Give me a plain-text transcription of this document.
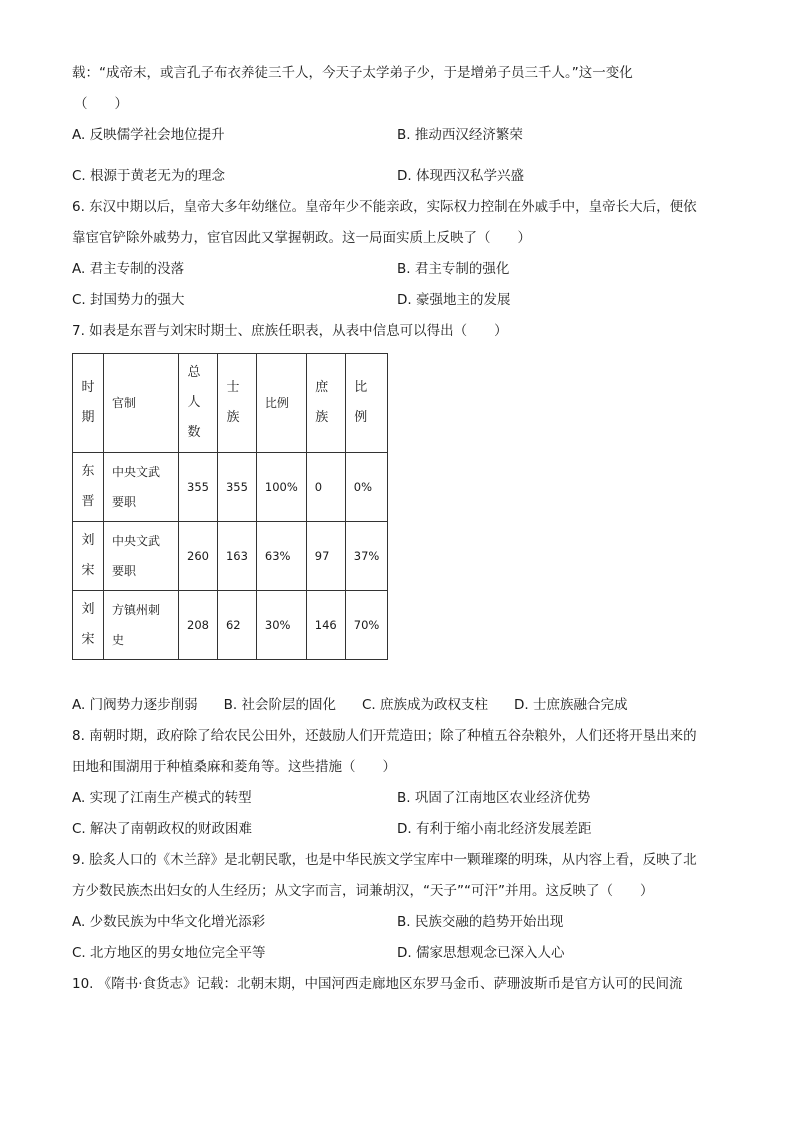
载：“成帝末，或言孔子布衣养徒三千人，今天子太学弟子少，于是增弟子员三千人。”这一变化
（　　）
A. 反映儒学社会地位提升	B. 推动西汉经济繁荣
C. 根源于黄老无为的理念	D. 体现西汉私学兴盛
6. 东汉中期以后，皇帝大多年幼继位。皇帝年少不能亲政，实际权力控制在外戚手中，皇帝长大后，便依
靠宦官铲除外戚势力，宦官因此又掌握朝政。这一局面实质上反映了（　　）
A. 君主专制的没落	B. 君主专制的强化
C. 封国势力的强大	D. 豪强地主的发展
7. 如表是东晋与刘宋时期士、庶族任职表，从表中信息可以得出（　　）
时期	官制	总人数	士族	比例	庶族	比例

东晋	中央文武
要职	355	355	100%	0	0%

刘宋	中央文武
要职	260	163	63%	97	37%

刘宋	方镇州刺
史	208	62	30%	146	70%
A. 门阀势力逐步削弱 B. 社会阶层的固化 C. 庶族成为政权支柱 D. 士庶族融合完成
8. 南朝时期，政府除了给农民公田外，还鼓励人们开荒造田；除了种植五谷杂粮外，人们还将开垦出来的
田地和围湖用于种植桑麻和菱角等。这些措施（　　）
A. 实现了江南生产模式的转型	B. 巩固了江南地区农业经济优势
C. 解决了南朝政权的财政困难	D. 有利于缩小南北经济发展差距
9. 脍炙人口的《木兰辞》是北朝民歌，也是中华民族文学宝库中一颗璀璨的明珠，从内容上看，反映了北
方少数民族杰出妇女的人生经历；从文字而言，词兼胡汉，“天子”“可汗”并用。这反映了（　　）
A. 少数民族为中华文化增光添彩	B. 民族交融的趋势开始出现
C. 北方地区的男女地位完全平等	D. 儒家思想观念已深入人心
10. 《隋书·食货志》记载：北朝末期，中国河西走廊地区东罗马金币、萨珊波斯币是官方认可的民间流
